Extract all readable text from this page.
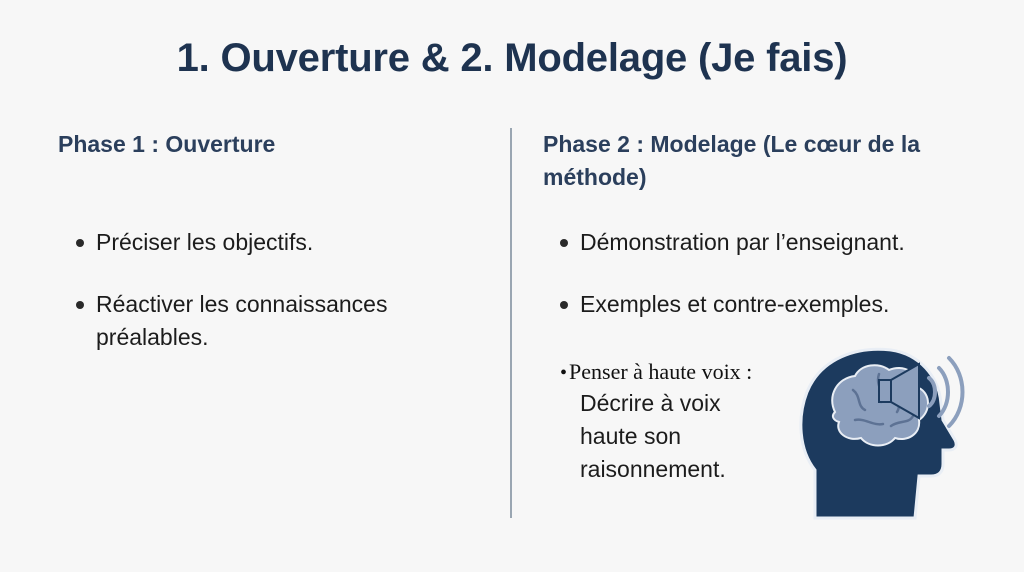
1. Ouverture & 2. Modelage (Je fais)
Phase 1 : Ouverture
Préciser les objectifs.
Réactiver les connaissances préalables.
Phase 2 : Modelage (Le cœur de la méthode)
Démonstration par l’enseignant.
Exemples et contre-exemples.
•Penser à haute voix :
Décrire à voix haute son raisonnement.
